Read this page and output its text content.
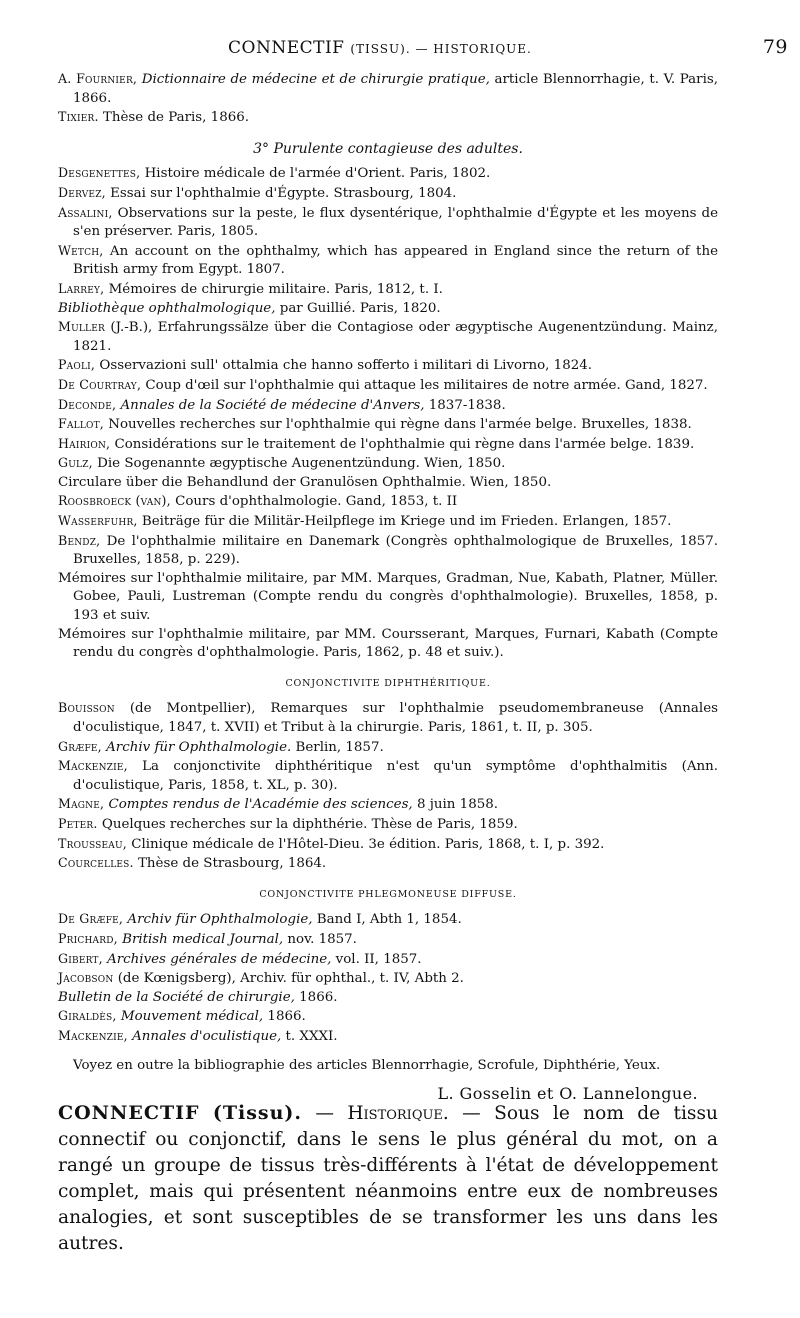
CONNECTIF (TISSU). — HISTORIQUE.	79

A. Fournier, Dictionnaire de médecine et de chirurgie pratique, article Blennorrhagie, t. V. Paris, 1866.

Tixier. Thèse de Paris, 1866.

3° Purulente contagieuse des adultes.

Desgenettes, Histoire médicale de l'armée d'Orient. Paris, 1802.

Dervez, Essai sur l'ophthalmie d'Égypte. Strasbourg, 1804.

Assalini, Observations sur la peste, le flux dysentérique, l'ophthalmie d'Égypte et les moyens de s'en préserver. Paris, 1805.

Wetch, An account on the ophthalmy, which has appeared in England since the return of the British army from Egypt. 1807.

Larrey, Mémoires de chirurgie militaire. Paris, 1812, t. I.

Bibliothèque ophthalmologique, par Guillié. Paris, 1820.

Muller (J.-B.), Erfahrungssälze über die Contagiose oder ægyptische Augenentzündung. Mainz, 1821.

Paoli, Osservazioni sull' ottalmia che hanno sofferto i militari di Livorno, 1824.

De Courtray, Coup d'œil sur l'ophthalmie qui attaque les militaires de notre armée. Gand, 1827.

Deconde, Annales de la Société de médecine d'Anvers, 1837-1838.

Fallot, Nouvelles recherches sur l'ophthalmie qui règne dans l'armée belge. Bruxelles, 1838.

Hairion, Considérations sur le traitement de l'ophthalmie qui règne dans l'armée belge. 1839.

Gulz, Die Sogenannte ægyptische Augenentzündung. Wien, 1850.

Circulare über die Behandlund der Granulösen Ophthalmie. Wien, 1850.

Roosbroeck (van), Cours d'ophthalmologie. Gand, 1853, t. II

Wasserfuhr, Beiträge für die Militär-Heilpflege im Kriege und im Frieden. Erlangen, 1857.

Bendz, De l'ophthalmie militaire en Danemark (Congrès ophthalmologique de Bruxelles, 1857. Bruxelles, 1858, p. 229).

Mémoires sur l'ophthalmie militaire, par MM. Marques, Gradman, Nue, Kabath, Platner, Müller. Gobee, Pauli, Lustreman (Compte rendu du congrès d'ophthalmologie). Bruxelles, 1858, p. 193 et suiv.

Mémoires sur l'ophthalmie militaire, par MM. Coursserant, Marques, Furnari, Kabath (Compte rendu du congrès d'ophthalmologie. Paris, 1862, p. 48 et suiv.).

CONJONCTIVITE DIPHTHÉRITIQUE.

Bouisson (de Montpellier), Remarques sur l'ophthalmie pseudomembraneuse (Annales d'oculistique, 1847, t. XVII) et Tribut à la chirurgie. Paris, 1861, t. II, p. 305.

Græfe, Archiv für Ophthalmologie. Berlin, 1857.

Mackenzie, La conjonctivite diphthéritique n'est qu'un symptôme d'ophthalmitis (Ann. d'oculistique, Paris, 1858, t. XL, p. 30).

Magne, Comptes rendus de l'Académie des sciences, 8 juin 1858.

Peter. Quelques recherches sur la diphthérie. Thèse de Paris, 1859.

Trousseau, Clinique médicale de l'Hôtel-Dieu. 3e édition. Paris, 1868, t. I, p. 392.

Courcelles. Thèse de Strasbourg, 1864.

CONJONCTIVITE PHLEGMONEUSE DIFFUSE.

De Græfe, Archiv für Ophthalmologie, Band I, Abth 1, 1854.

Prichard, British medical Journal, nov. 1857.

Gibert, Archives générales de médecine, vol. II, 1857.

Jacobson (de Kœnigsberg), Archiv. für ophthal., t. IV, Abth 2.

Bulletin de la Société de chirurgie, 1866.

Giraldès, Mouvement médical, 1866.

Mackenzie, Annales d'oculistique, t. XXXI.

Voyez en outre la bibliographie des articles Blennorrhagie, Scrofule, Diphthérie, Yeux.

L. Gosselin et O. Lannelongue.
CONNECTIF (Tissu). — Historique. — Sous le nom de tissu connectif ou conjonctif, dans le sens le plus général du mot, on a rangé un groupe de tissus très-différents à l'état de développement complet, mais qui présentent néanmoins entre eux de nombreuses analogies, et sont susceptibles de se transformer les uns dans les autres.
